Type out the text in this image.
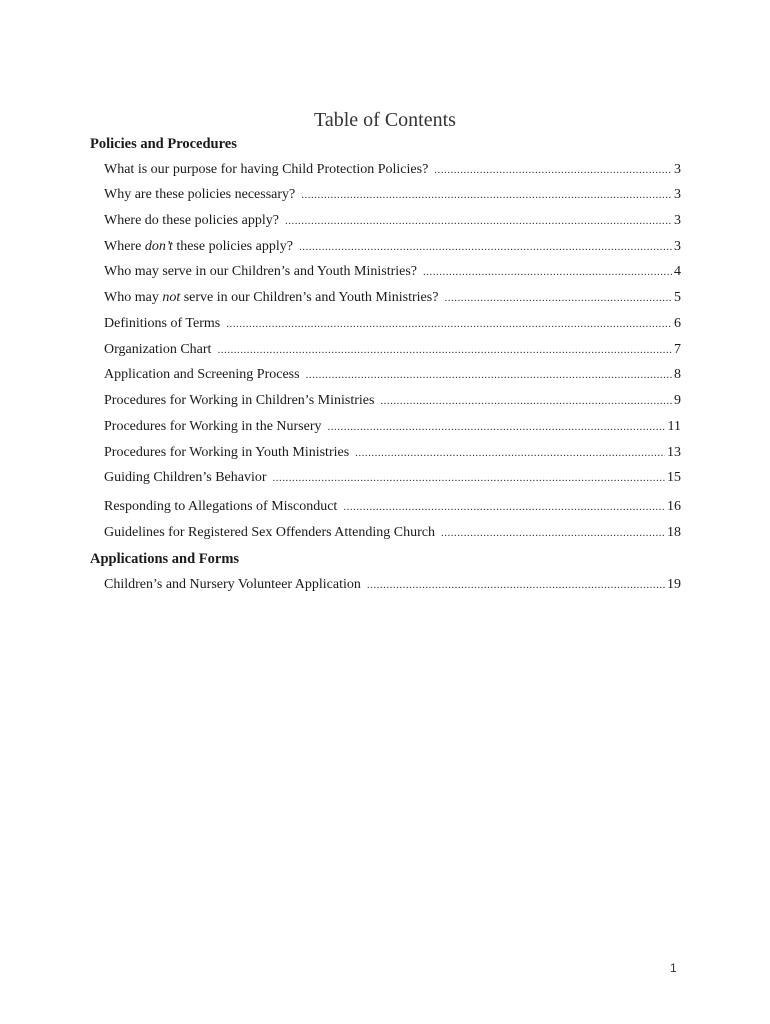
Table of Contents
Policies and Procedures
What is our purpose for having Child Protection Policies? .....	3
Why are these policies necessary? .....	3
Where do these policies apply? .....	3
Where don’t these policies apply? .....	3
Who may serve in our Children’s and Youth Ministries? .....	4
Who may not serve in our Children’s and Youth Ministries? .....	5
Definitions of Terms .....	6
Organization Chart .....	7
Application and Screening Process .....	8
Procedures for Working in Children’s Ministries .....	9
Procedures for Working in the Nursery .....	11
Procedures for Working in Youth Ministries .....	13
Guiding Children’s Behavior .....	15
Responding to Allegations of Misconduct .....	16
Guidelines for Registered Sex Offenders Attending Church .....	18
Applications and Forms
Children’s and Nursery Volunteer Application .....	19
1
